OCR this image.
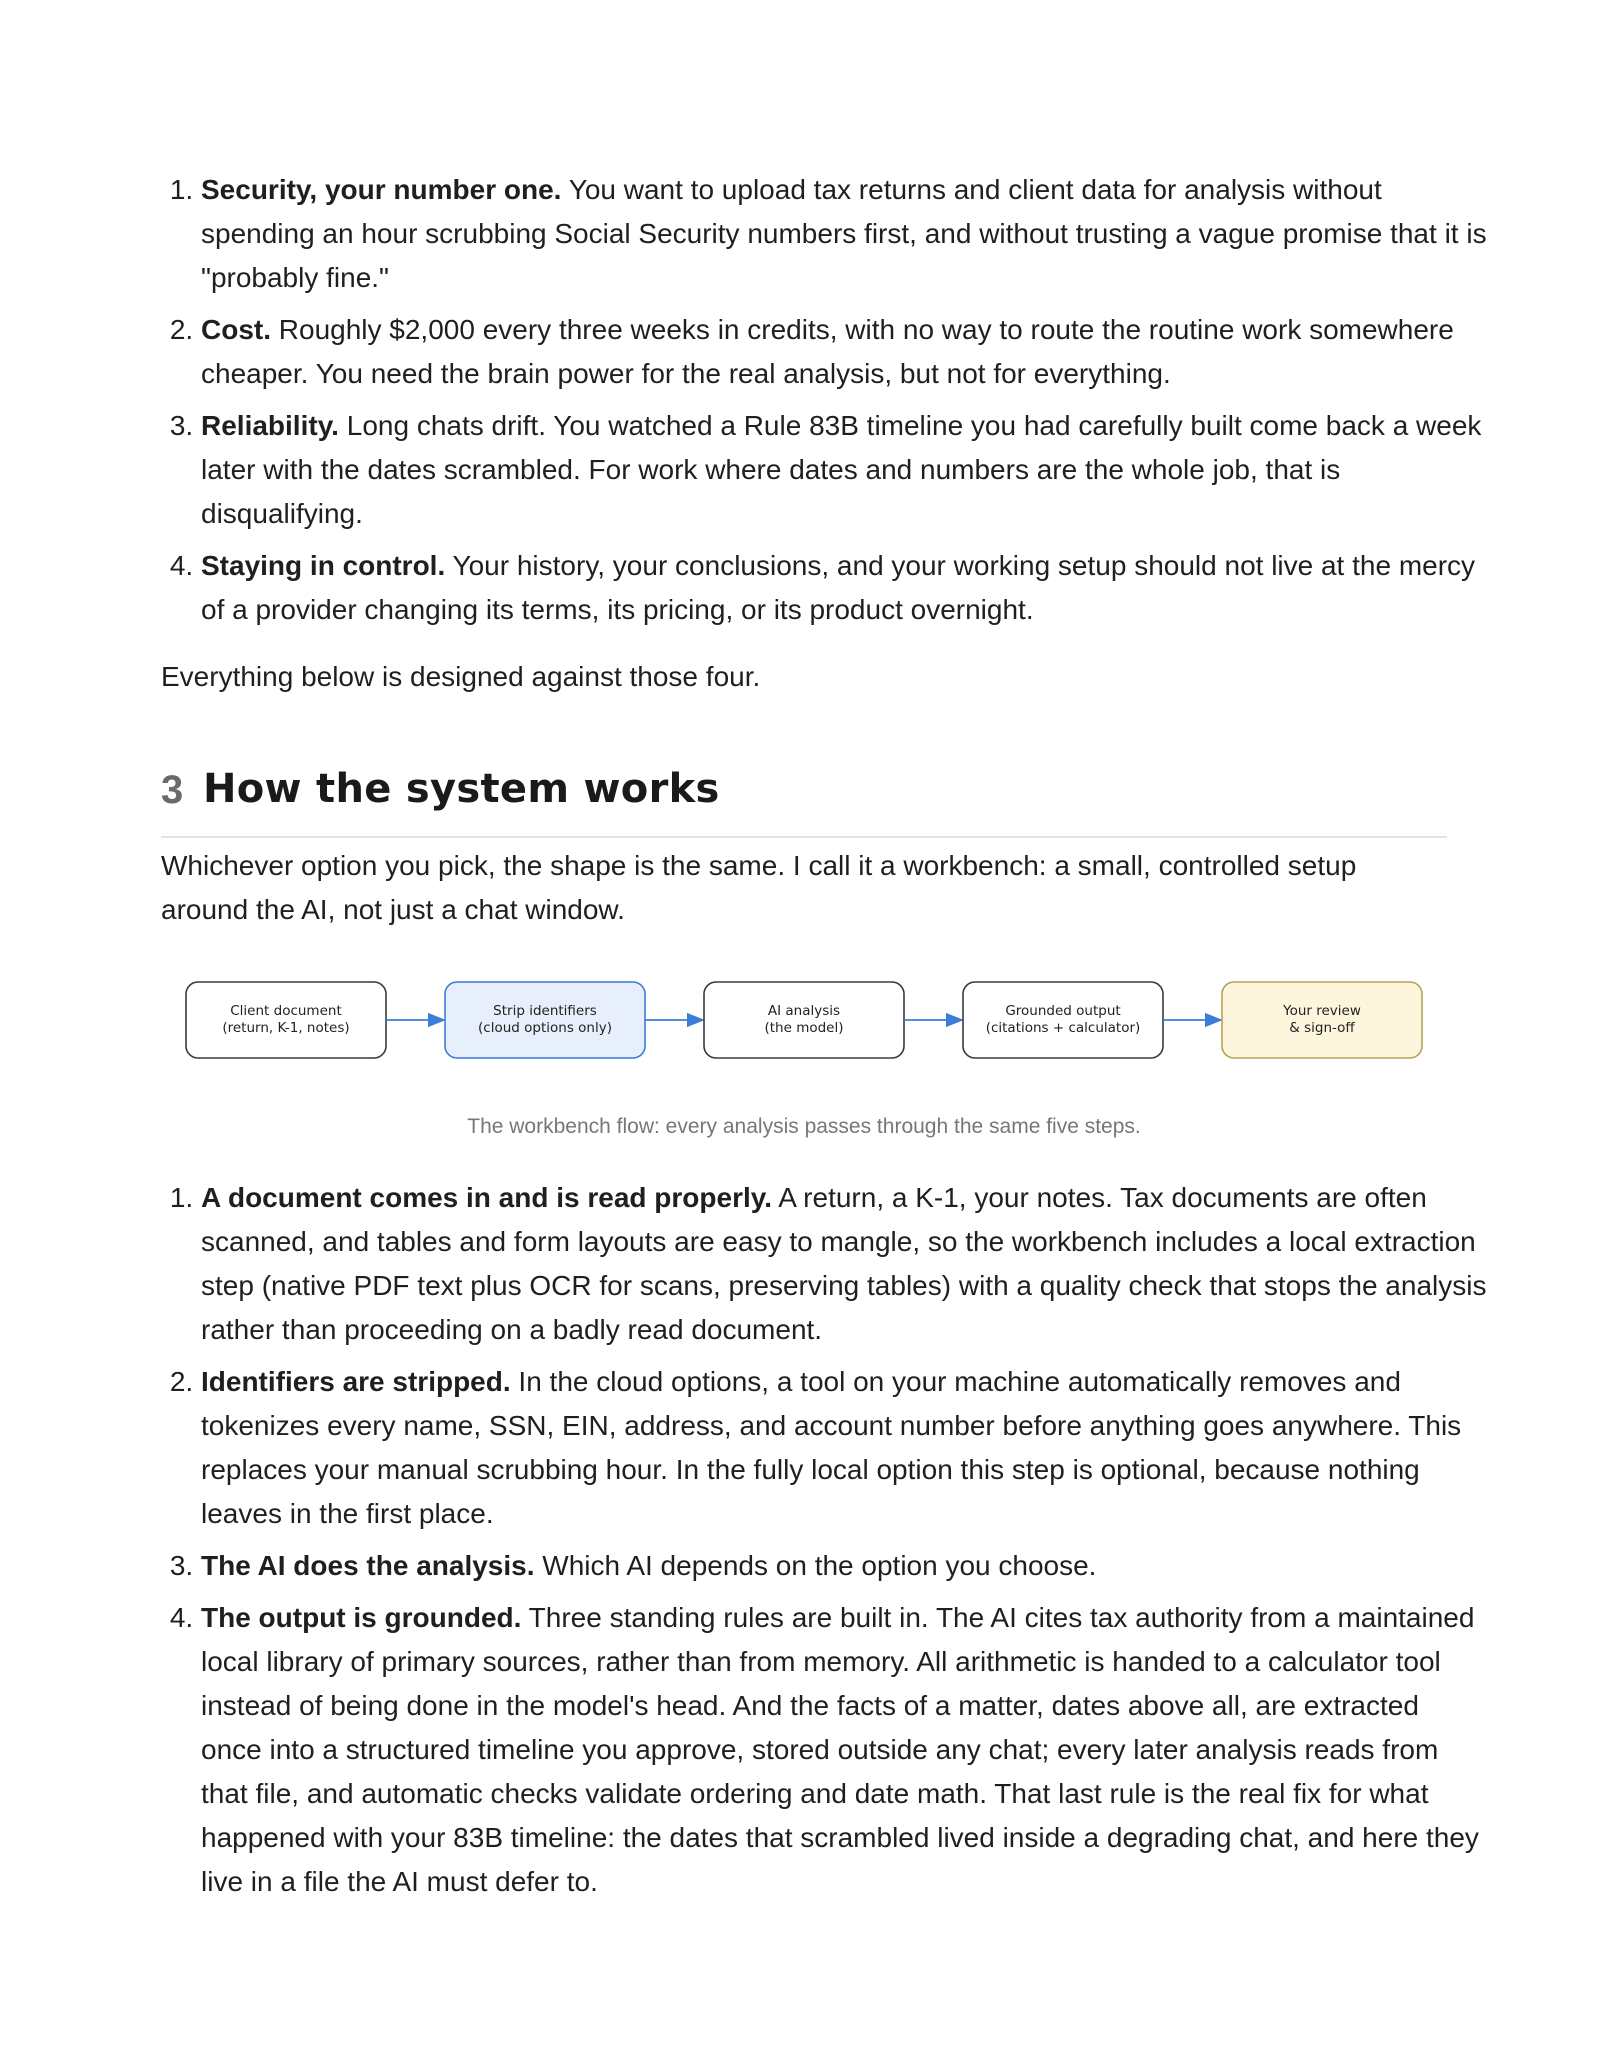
1. Security, your number one. You want to upload tax returns and client data for analysis without spending an hour scrubbing Social Security numbers first, and without trusting a vague promise that it is "probably fine."
2. Cost. Roughly $2,000 every three weeks in credits, with no way to route the routine work somewhere cheaper. You need the brain power for the real analysis, but not for everything.
3. Reliability. Long chats drift. You watched a Rule 83B timeline you had carefully built come back a week later with the dates scrambled. For work where dates and numbers are the whole job, that is disqualifying.
4. Staying in control. Your history, your conclusions, and your working setup should not live at the mercy of a provider changing its terms, its pricing, or its product overnight.
Everything below is designed against those four.
3 How the system works
Whichever option you pick, the shape is the same. I call it a workbench: a small, controlled setup around the AI, not just a chat window.
Client document
(return, K-1, notes)
Strip identifiers
(cloud options only)
AI analysis
(the model)
Grounded output
(citations + calculator)
Your review
& sign-off
The workbench flow: every analysis passes through the same five steps.
1. A document comes in and is read properly. A return, a K-1, your notes. Tax documents are often scanned, and tables and form layouts are easy to mangle, so the workbench includes a local extraction step (native PDF text plus OCR for scans, preserving tables) with a quality check that stops the analysis rather than proceeding on a badly read document.
2. Identifiers are stripped. In the cloud options, a tool on your machine automatically removes and tokenizes every name, SSN, EIN, address, and account number before anything goes anywhere. This replaces your manual scrubbing hour. In the fully local option this step is optional, because nothing leaves in the first place.
3. The AI does the analysis. Which AI depends on the option you choose.
4. The output is grounded. Three standing rules are built in. The AI cites tax authority from a maintained local library of primary sources, rather than from memory. All arithmetic is handed to a calculator tool instead of being done in the model's head. And the facts of a matter, dates above all, are extracted once into a structured timeline you approve, stored outside any chat; every later analysis reads from that file, and automatic checks validate ordering and date math. That last rule is the real fix for what happened with your 83B timeline: the dates that scrambled lived inside a degrading chat, and here they live in a file the AI must defer to.
